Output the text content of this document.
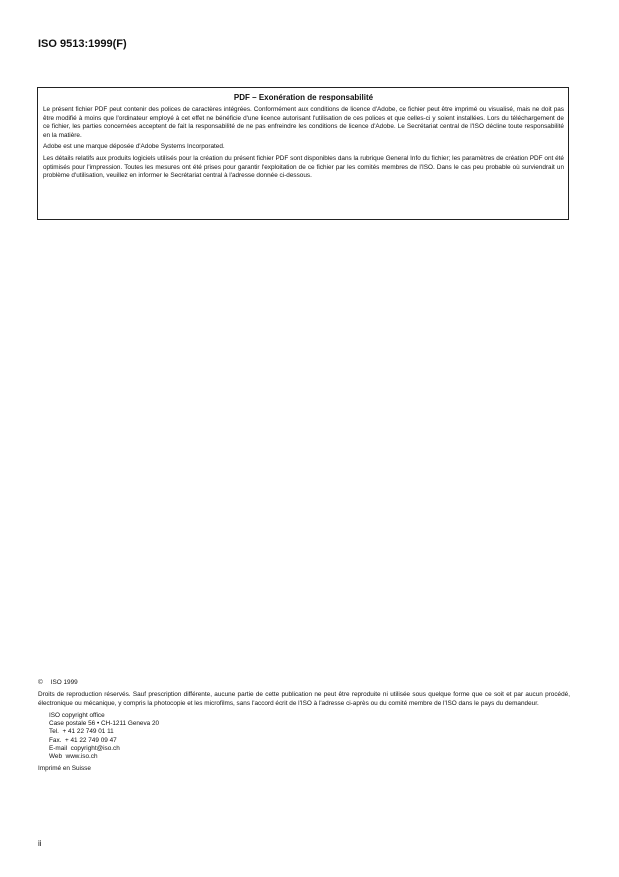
ISO 9513:1999(F)
PDF – Exonération de responsabilité

Le présent fichier PDF peut contenir des polices de caractères intégrées. Conformément aux conditions de licence d'Adobe, ce fichier peut être imprimé ou visualisé, mais ne doit pas être modifié à moins que l'ordinateur employé à cet effet ne bénéficie d'une licence autorisant l'utilisation de ces polices et que celles-ci y soient installées. Lors du téléchargement de ce fichier, les parties concernées acceptent de fait la responsabilité de ne pas enfreindre les conditions de licence d'Adobe. Le Secrétariat central de l'ISO décline toute responsabilité en la matière.

Adobe est une marque déposée d'Adobe Systems Incorporated.

Les détails relatifs aux produits logiciels utilisés pour la création du présent fichier PDF sont disponibles dans la rubrique General Info du fichier; les paramètres de création PDF ont été optimisés pour l'impression. Toutes les mesures ont été prises pour garantir l'exploitation de ce fichier par les comités membres de l'ISO. Dans le cas peu probable où surviendrait un problème d'utilisation, veuillez en informer le Secrétariat central à l'adresse donnée ci-dessous.

© ISO 1999
Droits de reproduction réservés. Sauf prescription différente, aucune partie de cette publication ne peut être reproduite ni utilisée sous quelque forme que ce soit et par aucun procédé, électronique ou mécanique, y compris la photocopie et les microfilms, sans l'accord écrit de l'ISO à l'adresse ci-après ou du comité membre de l'ISO dans le pays du demandeur.
ISO copyright office
Case postale 56 • CH-1211 Geneva 20
Tel.  + 41 22 749 01 11
Fax.  + 41 22 749 09 47
E-mail  copyright@iso.ch
Web  www.iso.ch
Imprimé en Suisse
ii
